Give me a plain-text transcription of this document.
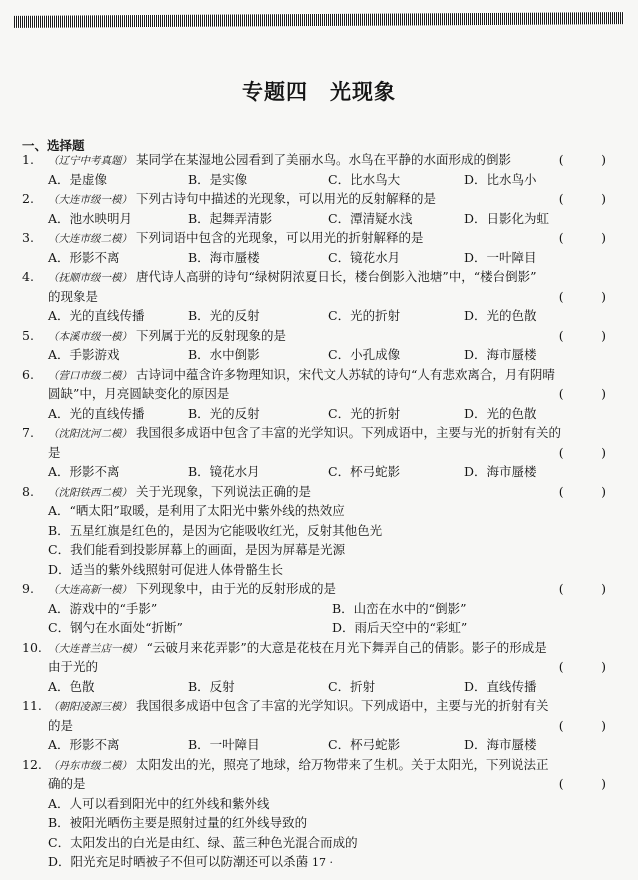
专题四　光现象
一、选择题
1. （辽宁中考真题） 某同学在某湿地公园看到了美丽水鸟。水鸟在平静的水面形成的倒影	(　　　)
A．是虚像	B．是实像	C．比水鸟大	D．比水鸟小
2. （大连市级一模） 下列古诗句中描述的光现象，可以用光的反射解释的是	(　　　)
A．池水映明月	B．起舞弄清影	C．潭清疑水浅	D．日影化为虹
3. （大连市级二模） 下列词语中包含的光现象，可以用光的折射解释的是	(　　　)
A．形影不离	B．海市蜃楼	C．镜花水月	D．一叶障目
4. （抚顺市级一模） 唐代诗人高骈的诗句“绿树阴浓夏日长，楼台倒影入池塘”中，“楼台倒影”
的现象是	(　　　)
A．光的直线传播	B．光的反射	C．光的折射	D．光的色散
5. （本溪市级一模） 下列属于光的反射现象的是	(　　　)
A．手影游戏	B．水中倒影	C．小孔成像	D．海市蜃楼
6. （营口市级二模） 古诗词中蕴含许多物理知识，宋代文人苏轼的诗句“人有悲欢离合，月有阴晴
圆缺”中，月亮圆缺变化的原因是	(　　　)
A．光的直线传播	B．光的反射	C．光的折射	D．光的色散
7. （沈阳沈河二模） 我国很多成语中包含了丰富的光学知识。下列成语中，主要与光的折射有关的
是	(　　　)
A．形影不离	B．镜花水月	C．杯弓蛇影	D．海市蜃楼
8. （沈阳铁西二模） 关于光现象，下列说法正确的是	(　　　)
A．“晒太阳”取暖，是利用了太阳光中紫外线的热效应
B．五星红旗是红色的，是因为它能吸收红光，反射其他色光
C．我们能看到投影屏幕上的画面，是因为屏幕是光源
D．适当的紫外线照射可促进人体骨骼生长
9. （大连高新一模） 下列现象中，由于光的反射形成的是	(　　　)
A．游戏中的“手影”	B．山峦在水中的“倒影”
C．钢勺在水面处“折断”	D．雨后天空中的“彩虹”
10. （大连普兰店一模） “云破月来花弄影”的大意是花枝在月光下舞弄自己的倩影。影子的形成是
由于光的	(　　　)
A．色散	B．反射	C．折射	D．直线传播
11. （朝阳凌源三模） 我国很多成语中包含了丰富的光学知识。下列成语中，主要与光的折射有关
的是	(　　　)
A．形影不离	B．一叶障目	C．杯弓蛇影	D．海市蜃楼
12. （丹东市级二模） 太阳发出的光，照亮了地球，给万物带来了生机。关于太阳光，下列说法正
确的是	(　　　)
A．人可以看到阳光中的红外线和紫外线
B．被阳光晒伤主要是照射过量的红外线导致的
C．太阳发出的白光是由红、绿、蓝三种色光混合而成的
D．阳光充足时晒被子不但可以防潮还可以杀菌
· 17 ·
